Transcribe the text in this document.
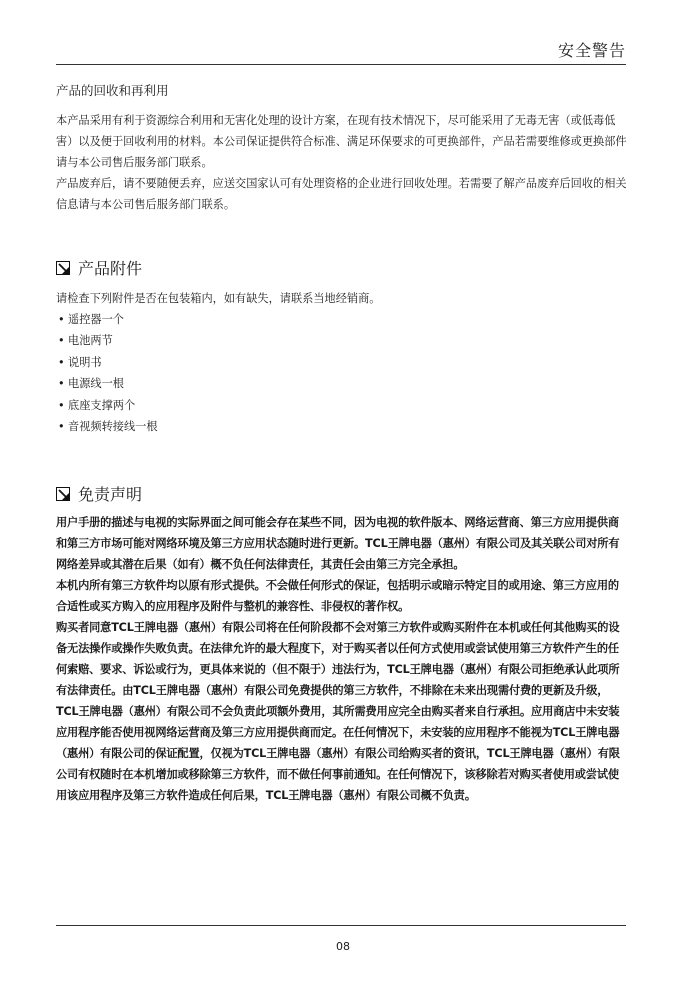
安全警告
产品的回收和再利用

本产品采用有利于资源综合利用和无害化处理的设计方案，在现有技术情况下，尽可能采用了无毒无害（或低毒低害）以及便于回收利用的材料。本公司保证提供符合标准、满足环保要求的可更换部件，产品若需要维修或更换部件请与本公司售后服务部门联系。

产品废弃后，请不要随便丢弃，应送交国家认可有处理资格的企业进行回收处理。若需要了解产品废弃后回收的相关信息请与本公司售后服务部门联系。

产品附件

请检查下列附件是否在包装箱内，如有缺失，请联系当地经销商。

• 遥控器一个
• 电池两节
• 说明书
• 电源线一根
• 底座支撑两个
• 音视频转接线一根
免责声明

用户手册的描述与电视的实际界面之间可能会存在某些不同，因为电视的软件版本、网络运营商、第三方应用提供商和第三方市场可能对网络环境及第三方应用状态随时进行更新。TCL王牌电器（惠州）有限公司及其关联公司对所有网络差异或其潜在后果（如有）概不负任何法律责任，其责任会由第三方完全承担。

本机内所有第三方软件均以原有形式提供。不会做任何形式的保证，包括明示或暗示特定目的或用途、第三方应用的合适性或买方购入的应用程序及附件与整机的兼容性、非侵权的著作权。

购买者同意TCL王牌电器（惠州）有限公司将在任何阶段都不会对第三方软件或购买附件在本机或任何其他购买的设备无法操作或操作失败负责。在法律允许的最大程度下，对于购买者以任何方式使用或尝试使用第三方软件产生的任何索赔、要求、诉讼或行为，更具体来说的（但不限于）违法行为，TCL王牌电器（惠州）有限公司拒绝承认此项所有法律责任。由TCL王牌电器（惠州）有限公司免费提供的第三方软件，不排除在未来出现需付费的更新及升级，TCL王牌电器（惠州）有限公司不会负责此项额外费用，其所需费用应完全由购买者来自行承担。应用商店中未安装应用程序能否使用视网络运营商及第三方应用提供商而定。在任何情况下，未安装的应用程序不能视为TCL王牌电器（惠州）有限公司的保证配置，仅视为TCL王牌电器（惠州）有限公司给购买者的资讯，TCL王牌电器（惠州）有限公司有权随时在本机增加或移除第三方软件，而不做任何事前通知。在任何情况下，该移除若对购买者使用或尝试使用该应用程序及第三方软件造成任何后果，TCL王牌电器（惠州）有限公司概不负责。

08
